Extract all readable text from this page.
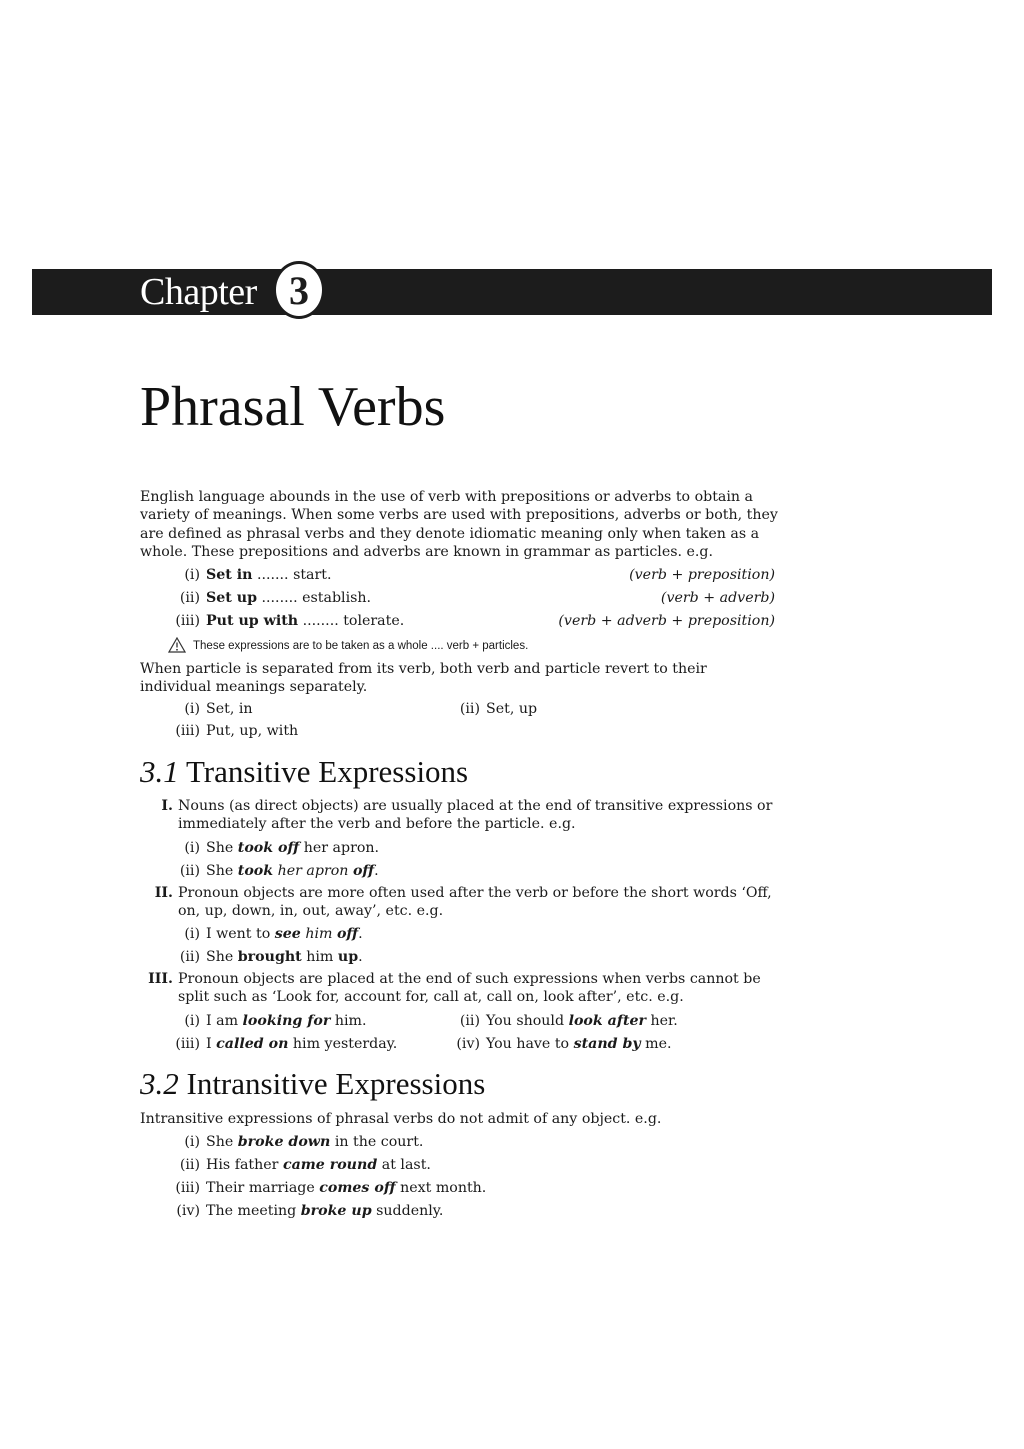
Chapter 3
Phrasal Verbs
English language abounds in the use of verb with prepositions or adverbs to obtain a variety of meanings. When some verbs are used with prepositions, adverbs or both, they are defined as phrasal verbs and they denote idiomatic meaning only when taken as a whole. These prepositions and adverbs are known in grammar as particles. e.g.
(i) Set in ....... start.	(verb + preposition)
(ii) Set up ........ establish.	(verb + adverb)
(iii) Put up with ........ tolerate.	(verb + adverb + preposition)
These expressions are to be taken as a whole .... verb + particles.
When particle is separated from its verb, both verb and particle revert to their individual meanings separately.
(i) Set, in	(ii) Set, up
(iii) Put, up, with
3.1 Transitive Expressions
I. Nouns (as direct objects) are usually placed at the end of transitive expressions or immediately after the verb and before the particle. e.g.
(i) She took off her apron.
(ii) She took her apron off.
II. Pronoun objects are more often used after the verb or before the short words ‘Off, on, up, down, in, out, away’, etc. e.g.
(i) I went to see him off.
(ii) She brought him up.
III. Pronoun objects are placed at the end of such expressions when verbs cannot be split such as ‘Look for, account for, call at, call on, look after’, etc. e.g.
(i) I am looking for him.	(ii) You should look after her.
(iii) I called on him yesterday.	(iv) You have to stand by me.
3.2 Intransitive Expressions
Intransitive expressions of phrasal verbs do not admit of any object. e.g.
(i) She broke down in the court.
(ii) His father came round at last.
(iii) Their marriage comes off next month.
(iv) The meeting broke up suddenly.
